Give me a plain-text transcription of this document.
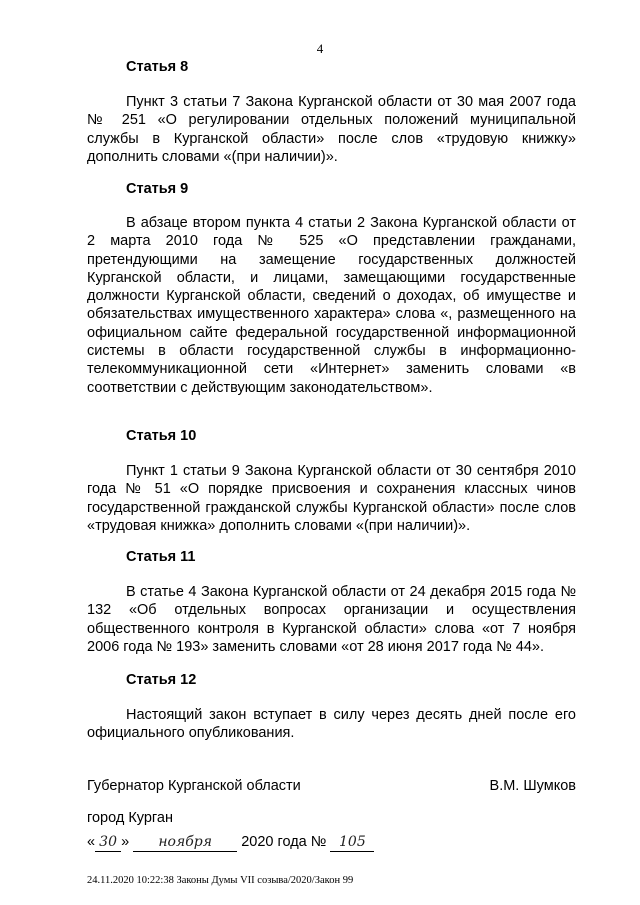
4
Статья 8
Пункт 3 статьи 7 Закона Курганской области от 30 мая 2007 года № 251 «О регулировании отдельных положений муниципальной службы в Курганской области» после слов «трудовую книжку» дополнить словами «(при наличии)».
Статья 9
В абзаце втором пункта 4 статьи 2 Закона Курганской области от 2 марта 2010 года № 525 «О представлении гражданами, претендующими на замещение государственных должностей Курганской области, и лицами, замещающими государственные должности Курганской области, сведений о доходах, об имуществе и обязательствах имущественного характера» слова «, размещенного на официальном сайте федеральной государственной информационной системы в области государственной службы в информационно-телекоммуникационной сети «Интернет» заменить словами «в соответствии с действующим законодательством».
Статья 10
Пункт 1 статьи 9 Закона Курганской области от 30 сентября 2010 года № 51 «О порядке присвоения и сохранения классных чинов государственной гражданской службы Курганской области» после слов «трудовая книжка» дополнить словами «(при наличии)».
Статья 11
В статье 4 Закона Курганской области от 24 декабря 2015 года № 132 «Об отдельных вопросах организации и осуществления общественного контроля в Курганской области» слова «от 7 ноября 2006 года № 193» заменить словами «от 28 июня 2017 года № 44».
Статья 12
Настоящий закон вступает в силу через десять дней после его официального опубликования.
Губернатор Курганской области	В.М. Шумков
город Курган
« 30 » ноября 2020 года № 105
24.11.2020 10:22:38 Законы Думы VII созыва/2020/Закон 99
